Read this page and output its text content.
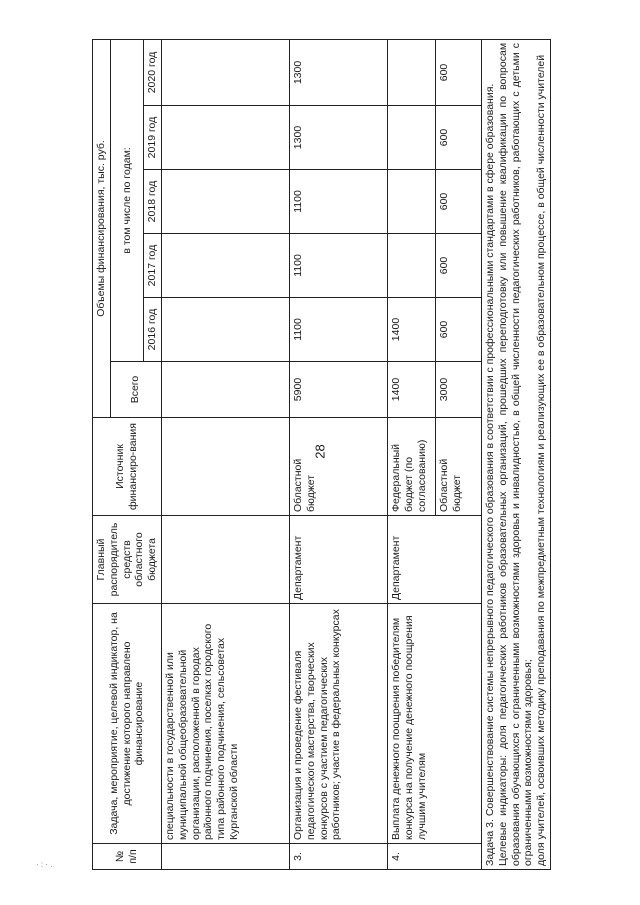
28
· : · .
№ п/п	Задача, мероприятие, целевой индикатор, на достижение которого направлено финансирование	Главный распорядитель средств областного бюджета	Источник финансиро-вания	Объемы финансирования, тыс. руб.					
				Всего	в том числе по годам:				
					2016 год	2017 год	2018 год	2019 год	2020 год
	специальности в государственной или муниципальной общеобразовательной организации, расположенной в городах районного подчинения, поселках городского типа районного подчинения, сельсоветах Курганской области								
3.	Организация и проведение фестиваля педагогического мастерства, творческих конкурсов с участием педагогических работников; участие в федеральных конкурсах	Департамент	Областной бюджет	5900	1100	1100	1100	1300	1300
4.	Выплата денежного поощрения победителям конкурса на получение денежного поощрения лучшим учителям	Департамент	Федеральный бюджет (по согласованию)	1400	1400				
			Областной бюджет	3000	600	600	600	600	600

Задача 3. Совершенствование системы непрерывного педагогического образования в соответствии с профессиональными стандартами в сфере образования. Целевые индикаторы: доля педагогических работников образовательных организаций, прошедших переподготовку или повышение квалификации по вопросам образования обучающихся с ограниченными возможностями здоровья и инвалидностью, в общей численности педагогических работников, работающих с детьми с ограниченными возможностями здоровья; доля учителей, освоивших методику преподавания по межпредметным технологиям и реализующих ее в образовательном процессе, в общей численности учителей									
